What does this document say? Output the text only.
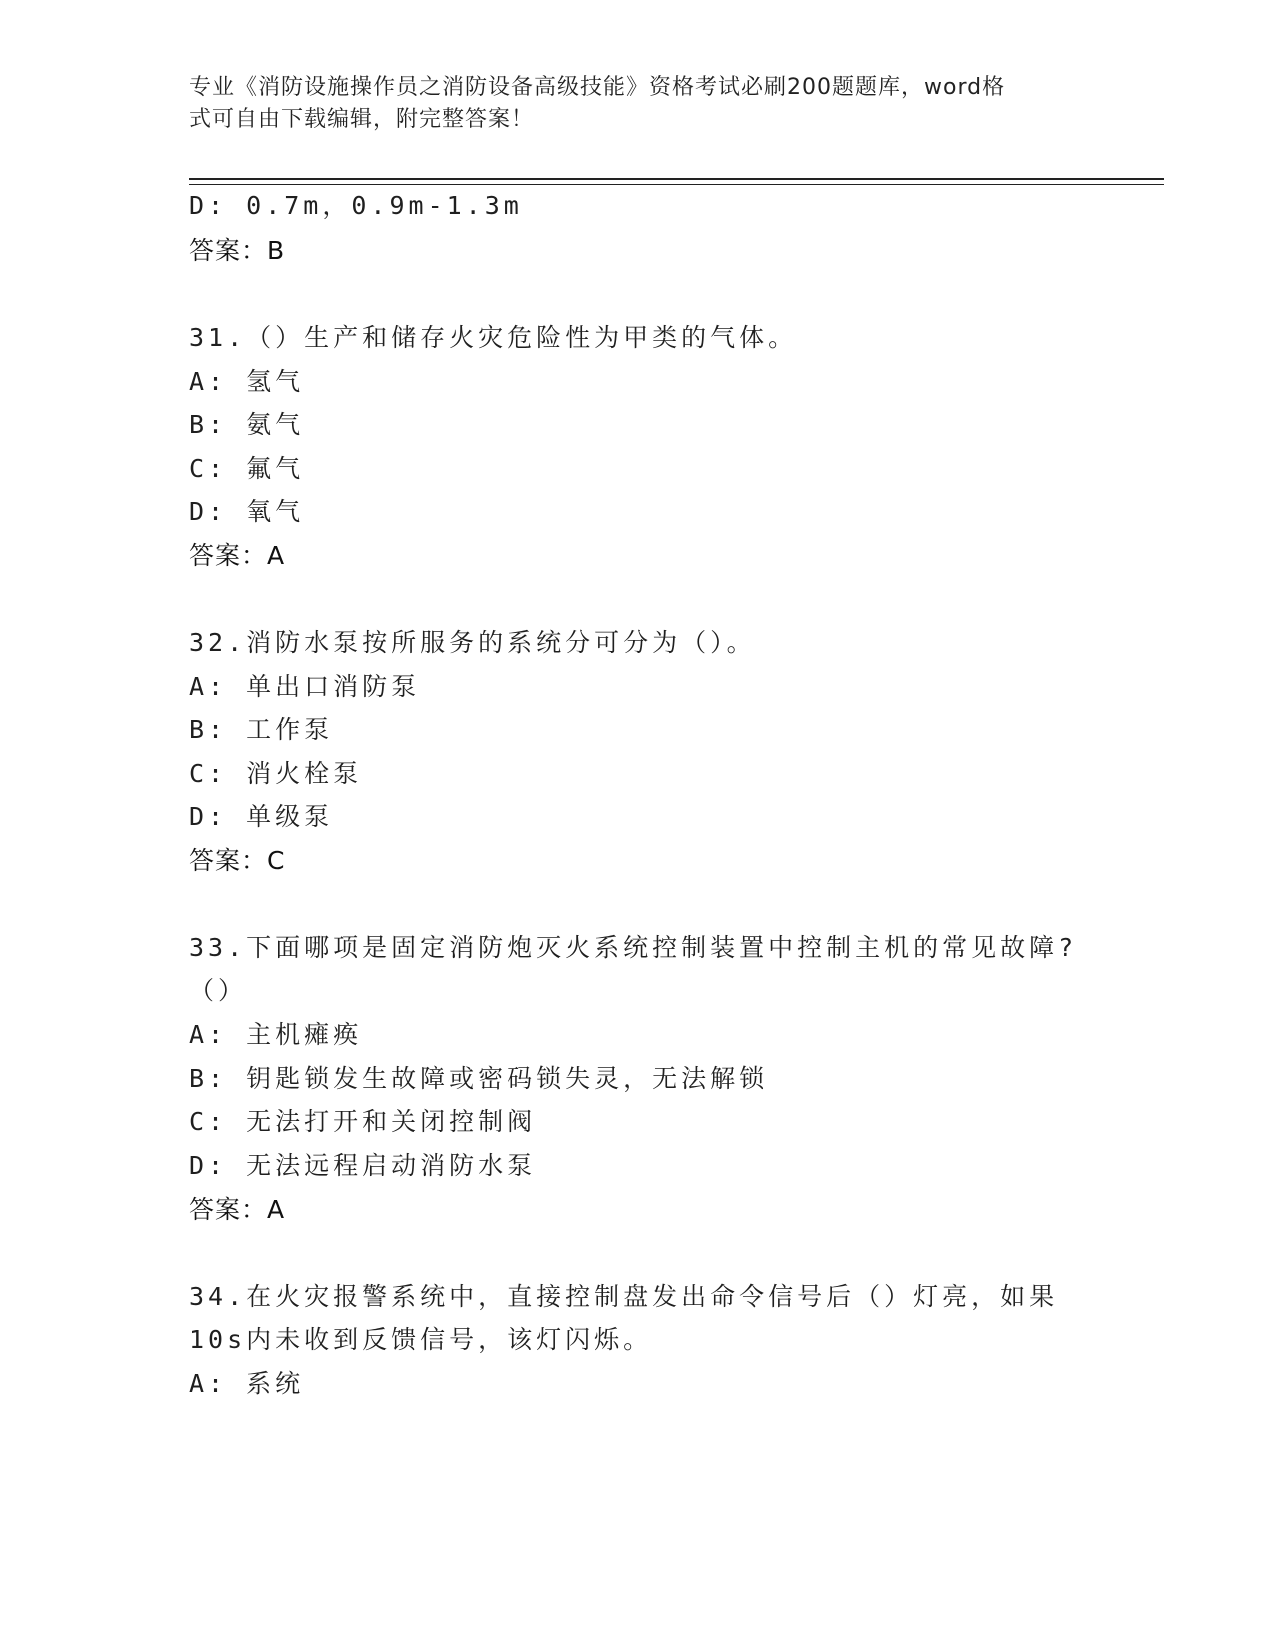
专业《消防设施操作员之消防设备高级技能》资格考试必刷200题题库，word格
式可自由下载编辑，附完整答案！
D: 0.7m，0.9m-1.3m
答案：B
31.（）生产和储存火灾危险性为甲类的气体。
A: 氢气
B: 氨气
C: 氟气
D: 氧气
答案：A
32.消防水泵按所服务的系统分可分为（）。
A: 单出口消防泵
B: 工作泵
C: 消火栓泵
D: 单级泵
答案：C
33.下面哪项是固定消防炮灭火系统控制装置中控制主机的常见故障?
（）
A: 主机瘫痪
B: 钥匙锁发生故障或密码锁失灵，无法解锁
C: 无法打开和关闭控制阀
D: 无法远程启动消防水泵
答案：A
34.在火灾报警系统中，直接控制盘发出命令信号后（）灯亮，如果
10s内未收到反馈信号，该灯闪烁。
A: 系统
